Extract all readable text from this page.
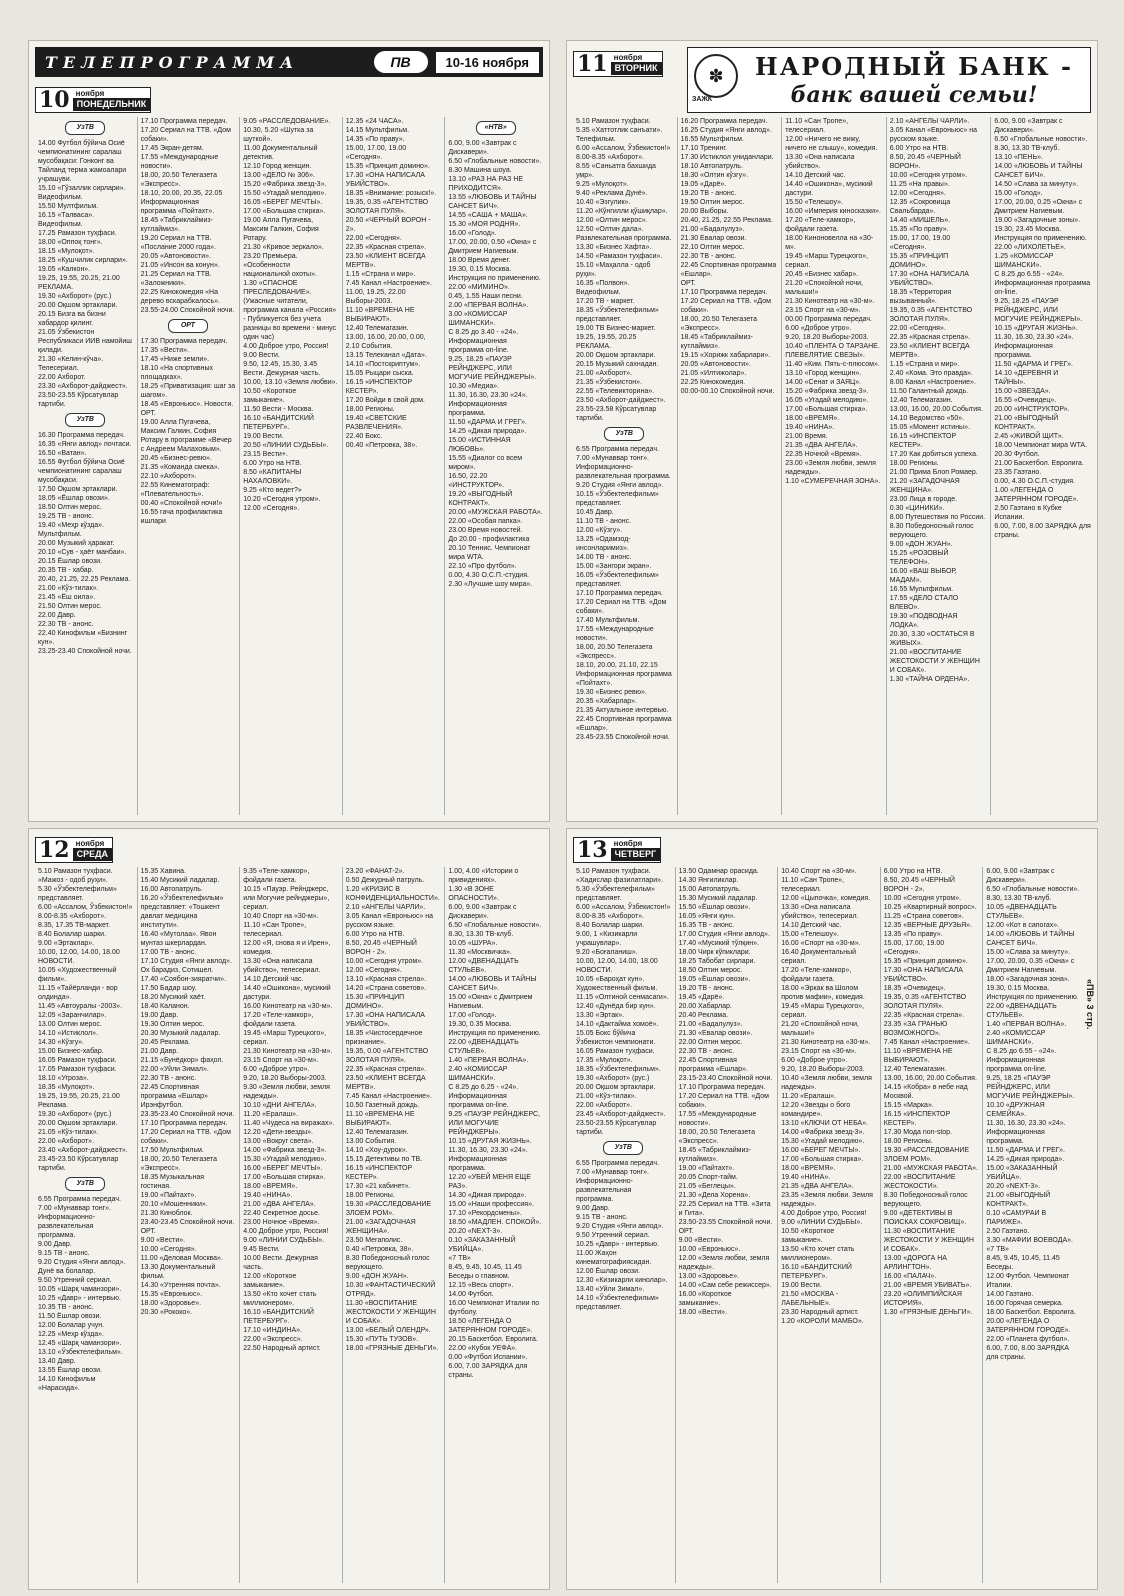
ТЕЛЕПРОГРАММА	ПВ	10-16 ноября
10 ноября
ПОНЕДЕЛЬНИК
УзТВ
14.00 Футбол бўйича Осиё чемпионатининг саралаш мусобақаси: Гонконг ва Тайланд терма жамоалари учрашуви.
15.10 «Гўзаллик сирлари». Видеофильм.
15.50 Мултфильм.
16.15 «Талваса». Видеофильм.
17.25 Рамазон туҳфаси.
18.00 «Оппоқ тонг».
18.15 «Мулоқот».
18.25 «Кушчилик сирлари».
19.05 «Калкон».
19.25, 19.55, 20.25, 21.00 РЕКЛАМА.
19.30 «Ахборот» (рус.)
20.00 Оқшом эртаклари.
20.15 Бизга ва бизни хабардор қилинг.
21.05 Ўзбекистон Республикаси ИИВ намойиш қилади.
21.30 «Келин-кўча». Телесериал.
22.00 Ахборот.
23.30 «Ахборот-дайджест».
23.50-23.55 Кўрсатувлар тартиби.
УзТВ
16.30 Программа передач.
16.35 «Янги авлод» почтаси.
16.50 «Ватан».
16.55 Футбол бўйича Осиё чемпионатининг саралаш мусобақаси.
17.50 Оқшом эртаклари.
18.05 «Ёшлар овози».
18.50 Олтин мерос.
19.25 ТВ - анонс.
19.40 «Меҳр кўзда». Мультфильм.
20.00 Музыкий ҳаракат.
20.10 «Сув - ҳаёт манбаи».
20.15 Ёшлар овози.
20.35 ТВ - хабар.
20.40, 21.25, 22.25 Реклама.
21.00 «Кўз-тилак».
21.45 «Ёш оила».
21.50 Олтин мерос.
22.00 Давр.
22.30 ТВ - анонс.
22.40 Кинофильм «Бизнинг кун».
23.25-23.40 Спокойной ночи.
17.10 Программа передач.
17.20 Сериал на ТТВ. «Дом собаки».
17.45 Экран-детям.
17.55 «Международные новости».
18.00, 20.50 Телегазета «Экспресс».
18.10, 20.00, 20.35, 22.05 Информационная программа «Пойтахт».
18.45 «Табриклаймиз-кутлаймиз».
19.20 Сериал на ТТВ. «Послание 2000 года».
20.05 «Автоновости».
21.05 «Инсон ва конун».
21.25 Сериал на ТТВ. «Заложники».
22.25 Кинокомедия «На дерево вскарабкалось».
23.55-24.00 Спокойной ночи.
ОРТ
17.30 Программа передач.
17.35 «Вести».
17.45 «Ниже земли».
18.10 «На спортивных площадках».
18.25 «Приватизация: шаг за шагом».
18.45 «Евроньюс». Новости.
ОРТ.
19.00 Алла Пугачева, Максим Галкин, София Ротару в программе «Вечер с Андреем Малаховым».
20.45 «Бизнес-ревю».
21.35 «Команда смека».
22.10 «Ахборот».
22.55 Кинематограф: «Плевательность».
00.40 «Спокойной ночи!»
16.55 гача профилактика ишлари
9.05 «РАССЛЕДОВАНИЕ».
10.30, 5.20 «Шутка за шуткой».
11.00 Документальный детектив.
12.10 Город женщин.
13.00 «ДЕЛО № 306».
15.20 «Фабрика звезд-3».
15.50 «Угадай мелодию».
16.05 «БЕРЕГ МЕЧТЫ».
17.00 «Большая стирка».
19.00 Алла Пугачева, Максим Галкин, София Ротару.
21.30 «Кривое зеркало».
23.20 Премьера. «Особенности национальной охоты».
1.30 «СПАСНОЕ ПРЕСЛЕДОВАНИЕ».
(Ужасные читатели, программа канала «Россия» - Публикуется без учета разницы во времени - минус один час)
4.00 Доброе утро, Россия!
9.00 Вести.
9.50, 12.45, 15.30, 3.45 Вести. Дежурная часть.
10.00, 13.10 «Земля любви».
10.50 «Короткое замыкание».
11.50 Вести - Москва.
16.10 «БАНДИТСКИЙ ПЕТЕРБУРГ».
19.00 Вести.
20.50 «ЛИНИИ СУДЬБЫ».
23.15 Вести+.
6.00 Утро на НТВ.
8.50 «КАПИТАНЫ НАХАЛОВКИ».
9.25 «Кто ведет?»
10.20 «Сегодня утром».
12.00 «Сегодня».
12.35 «24 ЧАСА».
14.15 Мультфильм.
14.35 «По праву».
15.00, 17.00, 19.00 «Сегодня».
15.35 «Принцип домино».
17.30 «ОНА НАПИСАЛА УБИЙСТВО».
18.35 «Внимание: розыск!».
19.35, 0.35 «АГЕНТСТВО ЗОЛОТАЯ ПУЛЯ».
20.50 «ЧЕРНЫЙ ВОРОН - 2».
22.00 «Сегодня».
22.35 «Красная стрела».
23.50 «КЛИЕНТ ВСЕГДА МЕРТВ».
1.15 «Страна и мир».
7.45 Канал «Настроение».
11.00, 19.25, 22.00 Выборы-2003.
11.10 «ВРЕМЕНА НЕ ВЫБИРАЮТ».
12.40 Телемагазин.
13.00, 16.00, 20.00, 0.00, 2.10 События.
13.15 Телеканал «Дата».
14.10 «Постскриптум».
15.05 Рыцари сыска.
16.15 «ИНСПЕКТОР КЕСТЕР».
17.20 Войди в свой дом.
18.00 Регионы.
19.40 «СВЕТСКИЕ РАЗВЛЕЧЕНИЯ».
22.40 Бокс.
00.40 «Петровка, 38».
«НТВ»
6.00, 9.00 «Завтрак с Дискавери».
6.50 «Глобальные новости».
8.30 Машина шоуа.
13.10 «РАЗ НА РАЗ НЕ ПРИХОДИТСЯ».
13.55 «ЛЮБОВЬ И ТАЙНЫ САНСЕТ БИЧ».
14.55 «САША + МАША».
15.30 «МОЯ РОДНЯ».
16.00 «Голод».
17.00, 20.00, 0.50 «Окна» с Дмитрием Нагиевым.
18.00 Время денег.
19.30, 0.15 Москва. Инструкция по применению.
22.00 «МИМИНО».
0.45, 1.55 Наши песни.
2.00 «ПЕРВАЯ ВОЛНА».
3.00 «КОМИССАР ШИМАНСКИ».
С 8.25 до 3.40 - «24». Информационная программа on-line.
9.25, 18.25 «ПАУЗР РЕЙНДЖЕРС, ИЛИ МОГУЧИЕ РЕЙНДЖЕРЫ».
10.30 «Медиа».
11.30, 16.30, 23.30 «24». Информационная программа.
11.50 «ДАРМА И ГРЕГ».
14.25 «Дикая природа».
15.00 «ИСТИННАЯ ЛЮБОВЬ».
15.55 «Диалог со всем миром».
16.50, 22.20 «ИНСТРУКТОР».
19.20 «ВЫГОДНЫЙ КОНТРАКТ».
20.00 «МУЖСКАЯ РАБОТА».
22.00 «Особая папка».
23.00 Время новостей.
До 20.00 - профилактика
20.10 Теннис. Чемпионат мира WTA.
22.10 «Про футбол».
0.00, 4.30 О.С.П.-студия.
2.30 «Лучшие шоу мира».
11 ноября
ВТОРНИК	✽
ЗАЖК
НАРОДНЫЙ БАНК -
банк вашей семьи!
5.10 Рамазон туҳфаси.
5.35 «Хаттотлик санъати». Телефильм.
6.00 «Ассалом, Ўзбекистон!»
8.00-8.35 «Ахборот».
8.55 «Саньатга бахшида умр».
9.25 «Мулоқот».
9.40 «Реклама Дунё».
10.40 «Эзгулик».
11.20 «Кўнгилли қўшиқлар».
12.00 «Олтин мерос».
12.50 «Олтин дала». Развлекательная программа.
13.30 «Бизнес Хафта».
14.50 «Рамазон туҳфаси».
15.10 «Маҳалла - одоб руҳи».
16.35 «Полвон». Видеофильм.
17.20 ТВ - маркет.
18.35 «Ўзбектелефильм» представляет.
19.00 ТВ Бизнес-маркет.
19.25, 19.55, 20.25 РЕКЛАМА.
20.00 Оқшом эртаклари.
20.15 Музыкий сахнадан.
21.00 «Ахборот».
21.35 «Ўзбекистон».
22.55 «Телевикторина».
23.50 «Ахборот-дайджест».
23.55-23.58 Кўрсатувлар тартиби.
УзТВ
6.55 Программа передач.
7.00 «Мунаввар тонг». Информационно-развлекательная программа.
9.20 Студия «Янги авлод».
10.15 «Ўзбектелефильм» представляет.
10.45 Давр.
11.10 ТВ - анонс.
12.00 «Кўзгу».
13.25 «Одамзод-инсонларимиз».
14.00 ТВ - анонс.
15.00 «Зангори экран».
16.05 «Ўзбектелефильм» представляет.
17.10 Программа передач.
17.20 Сериал на ТТВ. «Дом собаки».
17.40 Мультфильм.
17.55 «Международные новости».
18.00, 20.50 Телегазета «Экспресс».
18.10, 20.00, 21.10, 22.15 Информационная программа «Пойтахт».
19.30 «Бизнес ревю».
20.35 «Хабарлар».
21.35 Актуальное интервью.
22.45 Спортивная программа «Ешлар».
23.45-23.55 Спокойной ночи.
16.20 Программа передач.
16.25 Студия «Янги авлод».
16.55 Мультфильм.
17.10 Тренинг.
17.30 Истиклол униданлари.
18.10 Автопатруль.
18.30 «Олтин кўзгу».
19.05 «Дарё».
19.20 ТВ - анонс.
19.50 Олтин мерос.
20.00 Выборы.
20.40, 21.25, 22.55 Реклама.
21.00 «Бадалулуз».
21.30 Евалар овози.
22.10 Олтин мерос.
22.30 ТВ - анонс.
22.45 Спортивная программа «Ешлар».
ОРТ.
17.10 Программа передач.
17.20 Сериал на ТТВ. «Дом собаки».
18.00, 20.50 Телегазета «Экспресс».
18.45 «Табриклаймиз-кутлаймиз».
19.15 «Хорижк хабарлари».
20.05 «Автоновости».
21.05 «Илтижолар».
22.25 Кинокомедия.
00.00-00.10 Спокойной ночи.
11.10 «Сан Тропе», телесериал.
12.00 «Ничего не вижу, ничего не слышу», комедия.
13.30 «Она написала убийство».
14.10 Детский час.
14.40 «Ошикона», мусикий дастури.
15.50 «Телешоу».
16.00 «Империя киносказки».
17.20 «Теле-хамкор», фойдали газета.
18.00 Киноновелла на «30-м».
19.45 «Марш Турецкого», сериал.
20.45 «Бизнес хабар».
21.20 «Спокойной ночи, малыши!»
21.30 Кинотеатр на «30-м».
23.15 Спорт на «30-м».
00.00 Программа передач.
6.00 «Доброе утро».
9.20, 18.20 Выборы-2003.
10.40 «ПЛЕНТА О ТАРЗАНЕ. ПЛЕВЕЛЯТИЕ СВЕЗЫ».
11.40 «Ким. Пять-с-плюсом».
13.10 «Город женщин».
14.00 «Сенат и ЗАЯЦ».
15.20 «Фабрика звезд-3».
16.05 «Угадай мелодию».
17.00 «Большая стирка».
18.00 «ВРЕМЯ».
19.40 «НИНА».
21.00 Время.
21.35 «ДВА АНГЕЛА».
22.35 Ночной «Время».
23.00 «Земля любви, земля надежды».
1.10 «СУМЕРЕЧНАЯ ЗОНА».
2.10 «АНГЕЛЫ ЧАРЛИ».
3.05 Канал «Евроньюс» на русском языке.
6.00 Утро на НТВ.
8.50, 20.45 «ЧЕРНЫЙ ВОРОН».
10.00 «Сегодня утром».
11.25 «На правы».
12.00 «Сегодня».
12.35 «Сокровища Свальбарда».
14.40 «МИШЕЛЬ».
15.35 «По праву».
15.00, 17.00, 19.00 «Сегодня».
15.35 «ПРИНЦИП ДОМИНО».
17.30 «ОНА НАПИСАЛА УБИЙСТВО».
18.35 «Территория вызыванный».
19.35, 0.35 «АГЕНТСТВО ЗОЛОТАЯ ПУЛЯ».
22.00 «Сегодня».
22.35 «Красная стрела».
23.50 «КЛИЕНТ ВСЕГДА МЕРТВ».
1.15 «Страна и мир».
2.40 «Кома. Это правда».
8.00 Канал «Настроение».
11.50 Галантный дождь.
12.40 Телемагазин.
13.00, 16.00, 20.00 События.
14.10 Ведомство «50».
15.05 «Момент истины».
16.15 «ИНСПЕКТОР КЕСТЕР».
17.20 Как добиться успеха.
18.00 Регионы.
21.00 Прима Блоп Ромаер.
21.20 «ЗАГАДОЧНАЯ ЖЕНЩИНА».
23.00 Лица в городе.
0.30 «ЦИНИКИ».
8.00 Путешествия по России.
8.30 Победоносный голос верующего.
9.00 «ДОН ЖУАН».
15.25 «РОЗОВЫЙ ТЕЛЕФОН».
16.00 «ВАШ ВЫБОР, МАДАМ».
16.55 Мультфильм.
17.55 «ДЕЛО СТАЛО ВЛЕВО».
19.30 «ПОДВОДНАЯ ЛОДКА».
20.30, 3.30 «ОСТАТЬСЯ В ЖИВЫХ».
21.00 «ВОСПИТАНИЕ ЖЕСТОКОСТИ У ЖЕНЩИН И СОБАК».
1.30 «ТАЙНА ОРДЕНА».
6.00, 9.00 «Завтрак с Дискавери».
6.50 «Глобальные новости».
8.30, 13.30 ТВ-клуб.
13.10 «ПЕНЬ».
14.00 «ЛЮБОВЬ И ТАЙНЫ САНСЕТ БИЧ».
14.50 «Слава за минуту».
15.00 «Голод».
17.00, 20.00, 0.25 «Окна» с Дмитрием Нагиевым.
19.00 «Загадочные зоны».
19.30, 23.45 Москва. Инструкция по применению.
22.00 «ЛИХОЛЕТЬЕ».
1.25 «КОМИССАР ШИМАНСКИ».
С 8.25 до 6.55 - «24». Информационная программа on-line.
9.25, 18.25 «ПАУЭР РЕЙНДЖЕРС, ИЛИ МОГУЧИЕ РЕЙНДЖЕРЫ».
10.15 «ДРУГАЯ ЖИЗНЬ».
11.30, 16.30, 23.30 «24». Информационная программа.
11.50 «ДАРМА И ГРЕГ».
14.10 «ДЕРЕВНЯ И ТАЙНЫ».
15.00 «ЗВЕЗДА».
16.55 «Очевидец».
20.00 «ИНСТРУКТОР».
21.00 «ВЫГОДНЫЙ КОНТРАКТ».
2.45 «ЖИВОЙ ЩИТ».
18.00 Чемпионат мира WTA.
20.30 Футбол.
21.00 Баскетбол. Евролига.
23.35 Гаэтано.
0.00, 4.30 О.С.П.-студия.
1.00 «ЛЕГЕНДА О ЗАТЕРЯННОМ ГОРОДЕ».
2.50 Гаэтано в Кубке Испании.
6.00, 7.00, 8.00 ЗАРЯДКА для страны.
12 ноября
СРЕДА
5.10 Рамазон туҳфаси. «Мажоз - одоб руҳи».
5.30 «Ўзбектелефильм» представляет.
6.00 «Ассалом, Ўзбекистон!»
8.00-8.35 «Ахборот».
8.35, 17.35 ТВ-маркет.
8.40 Болалар шарки.
9.00 «Эртаклар».
10.00, 12.00, 14.00, 18.00 НОВОСТИ.
10.05 «Художественный фильм».
11.15 «Тайёрланди - вор олдинда».
11.45 «Автоуралы -2003».
12.05 «Заранчилар».
13.00 Олтин мерос.
14.10 «Истиклол».
14.30 «Кўзгу».
15.00 Бизнес-хабар.
16.05 Рамазон туҳфаси.
17.05 Рамазон туҳфаси.
18.10 «Угроза».
18.35 «Мулоқот».
19.25, 19.55, 20.25, 21.00 Реклама.
19.30 «Ахборот» (рус.)
20.00 Оқшом эртаклари.
21.05 «Кўз-тилак».
22.00 «Ахборот».
23.40 «Ахборот-дайджест».
23.45-23.50 Кўрсатувлар тартиби.
УзТВ
6.55 Программа передач.
7.00 «Мунаввар тонг». Информационно-развлекательная программа.
9.00 Давр.
9.15 ТВ - анонс.
9.20 Студия «Янги авлод». Дунё ва болалар.
9.50 Утренний сериал.
10.05 «Шарқ чаманзори».
10.25 «Давр» - интервью.
10.35 ТВ - анонс.
11.50 Ёшлар овози.
12.00 Болалар учун.
12.25 «Меҳр кўзда».
12.45 «Шарқ чаманзори».
13.10 «Ўзбектелефильм».
13.40 Давр.
13.55 Ёшлар овози.
14.10 Кинофильм «Нарасида».
15.35 Хавина.
15.40 Мусикий ладалар.
16.00 Автопатруль.
16.20 «Ўзбектелефильм» представляет: «Тошкент давлат медицина институти».
16.40 «Мутолаа». Явон мунтаз шкерлардан.
17.00 ТВ - анонс.
17.10 Студия «Янги авлод». Ох барадиз, Сотишел.
17.40 «Соябон-зияратчи».
17.50 Бадар шоу.
18.20 Мусикий хаёт.
18.40 Каланон.
19.00 Давр.
19.30 Олтин мерос.
20.30 Музыкий ладалар.
20.45 Реклама.
21.00 Давр.
21.15 «Бунёдкор» фаҳол.
22.00 «Уйли Зимал».
22.30 ТВ - анонс.
22.45 Спортивная программа «Ешлар» Ирэнфутбол.
23.35-23.40 Спокойной ночи.
17.10 Программа передач.
17.20 Сериал на ТТВ. «Дом собаки».
17.50 Мультфильм.
18.00, 20.50 Телегазета «Экспресс».
18.35 Музыкальная гостиная.
19.00 «Пайтахт».
20.10 «Мошенники».
21.30 Киноблок.
23.40-23.45 Спокойной ночи.
ОРТ.
9.00 «Вести».
10.00 «Сегодня».
11.00 «Деловая Москва».
13.30 Документальный фильм.
14.30 «Утренняя почта».
15.35 «Евроньюс».
18.00 «Здоровье».
20.30 «Рококо».
9.35 «Теле-хамкор», фойдали газета.
10.15 «Пауэр. Рейнджерс, или Могучие рейнджеры», сериал.
10.40 Спорт на «30-м».
11.10 «Сан Тропе», телесериал.
12.00 «Я, снова я и Ирен», комедия.
13.30 «Она написала убийство», телесериал.
14.10 Детский час.
14.40 «Ошикона», мусикий дастури.
16.00 Кинотеатр на «30-м».
17.20 «Теле-хамкор», фойдали газета.
19.45 «Марш Турецкого», сериал.
21.30 Кинотеатр на «30-м».
23.15 Спорт на «30-м».
6.00 «Доброе утро».
9.20, 18.20 Выборы-2003.
9.30 «Земля любви, земля надежды».
10.10 «ДНИ АНГЕЛА».
11.20 «Ералаш».
11.40 «Чудеса на виражах».
12.20 «Дети-звезды».
13.00 «Вокруг света».
14.00 «Фабрика звезд-3».
15.30 «Угадай мелодию».
16.00 «БЕРЕГ МЕЧТЫ».
17.00 «Большая стирка».
18.00 «ВРЕМЯ».
19.40 «НИНА».
21.00 «ДВА АНГЕЛА».
22.40 Секретное досье.
23.00 Ночное «Время».
4.00 Доброе утро, Россия!
9.00 «ЛИНИИ СУДЬБЫ».
9.45 Вести.
10.00 Вести. Дежурная часть.
12.00 «Короткое замыкание».
13.50 «Кто хочет стать миллионером».
16.10 «БАНДИТСКИЙ ПЕТЕРБУРГ».
17.10 «ИНДИНА».
22.00 «Экспресс».
22.50 Народный артист.
23.20 «ФАНАТ-2».
0.50 Дежурный патруль.
1.20 «КРИЗИС В КОНФИДЕНЦИАЛЬНОСТИ».
2.10 «АНГЕЛЫ ЧАРЛИ».
3.05 Канал «Евроньюс» на русском языке.
6.00 Утро на НТВ.
8.50, 20.45 «ЧЕРНЫЙ ВОРОН - 2».
10.00 «Сегодня утром».
12.00 «Сегодня».
13.10 «Красная стрела».
14.20 «Страна советов».
15.30 «ПРИНЦИП ДОМИНО».
17.30 «ОНА НАПИСАЛА УБИЙСТВО».
18.35 «Чистосердечное признание».
19.35, 0.00 «АГЕНТСТВО ЗОЛОТАЯ ПУЛЯ».
22.35 «Красная стрела».
23.50 «КЛИЕНТ ВСЕГДА МЕРТВ».
7.45 Канал «Настроение».
10.50 Газетный дождь.
11.10 «ВРЕМЕНА НЕ ВЫБИРАЮТ».
12.40 Телемагазин.
13.00 События.
14.10 «Хоу-дурок».
15.15 Детективы по ТВ.
16.15 «ИНСПЕКТОР КЕСТЕР».
17.30 «21 кабинет».
18.00 Регионы.
19.30 «РАССЛЕДОВАНИЕ ЗЛОЕМ РОМ».
21.00 «ЗАГАДОЧНАЯ ЖЕНЩИНА».
23.50 Мегаполис.
0.40 «Петровка, 38».
8.30 Победоносный голос верующего.
9.00 «ДОН ЖУАН».
10.30 «ФАНТАСТИЧЕСКИЙ ОТРЯД».
11.30 «ВОСПИТАНИЕ ЖЕСТОКОСТИ У ЖЕНЩИН И СОБАК».
13.00 «БЕЛЫЙ ОЛЕНДР».
15.30 «ПУТЬ ТУЗОВ».
18.00 «ГРЯЗНЫЕ ДЕНЬГИ».
1.00, 4.00 «Истории о привидениях».
1.30 «В ЗОНЕ ОПАСНОСТИ».
6.00, 9.00 «Завтрак с Дискавери».
6.50 «Глобальные новости».
8.30, 13.30 ТВ-клуб.
10.05 «ШУРА».
11.30 «Москвичка».
12.00 «ДВЕНАДЦАТЬ СТУЛЬЕВ».
14.00 «ЛЮБОВЬ И ТАЙНЫ САНСЕТ БИЧ».
15.00 «Окна» с Дмитрием Нагиевым.
17.00 «Голод».
19.30, 0.35 Москва. Инструкция по применению.
22.00 «ДВЕНАДЦАТЬ СТУЛЬЕВ».
1.40 «ПЕРВАЯ ВОЛНА».
2.40 «КОМИССАР ШИМАНСКИ».
С 8.25 до 6.25 - «24». Информационная программа on-line.
9.25 «ПАУЭР РЕЙНДЖЕРС, ИЛИ МОГУЧИЕ РЕЙНДЖЕРЫ».
10.15 «ДРУГАЯ ЖИЗНЬ».
11.30, 16.30, 23.30 «24». Информационная программа.
12.20 «УБЕЙ МЕНЯ ЕЩЕ РАЗ».
14.30 «Дикая природа».
15.00 «Наши профессия».
17.10 «Рекордсмены».
18.50 «МАДЛЕН. СПОКОЙ».
20.20 «NEXT-3».
0.10 «ЗАКАЗАННЫЙ УБИЙЦА».
«7 ТВ»
8.45, 9.45, 10.45, 11.45 Беседы о главном.
12.15 «Весь спорт».
14.00 Футбол.
16.00 Чемпионат Италии по футболу.
18.50 «ЛЕГЕНДА О ЗАТЕРЯННОМ ГОРОДЕ».
20.15 Баскетбол. Евролига.
22.00 «Кубок УЕФА».
0.00 «Футбол Испании».
6.00, 7.00 ЗАРЯДКА для страны.
«ПВ» 3 стр.
13 ноября
ЧЕТВЕРГ
5.10 Рамазон туҳфаси. «Хадислар фазилатлари».
5.30 «Ўзбектелефильм» представляет.
6.00 «Ассалом, Ўзбекистон!»
8.00-8.35 «Ахборот».
8.40 Болалар шарки.
9.00, 1 «Кизикарли учрашувлар».
9.20 «Боғаланиш».
10.00, 12.00, 14.00, 18.00 НОВОСТИ.
10.05 «Бароҳат кун». Художественный фильм.
11.15 «Олтиной сенмасаги».
12.40 «Дунёда бир кун».
13.30 «Эртак».
14.10 «Дактайма хомоё».
15.05 Бокс бўйича Ўзбекистон чемпионати.
16.05 Рамазон туҳфаси.
17.35 «Мулоқот».
18.35 «Ўзбектелефильм».
19.30 «Ахборот» (рус.)
20.00 Оқшом эртаклари.
21.00 «Кўз-тилак».
22.00 «Ахборот».
23.45 «Ахборот-дайджест».
23.50-23.55 Кўрсатувлар тартиби.
УзТВ
6.55 Программа передач.
7.00 «Мунаввар тонг». Информационно-развлекательная программа.
9.00 Давр.
9.15 ТВ - анонс.
9.20 Студия «Янги авлод».
9.50 Утренний сериал.
10.25 «Давр» - интервью.
11.00 Жаҳон кинематографиясидан.
12.00 Ёшлар овози.
12.30 «Кизикарли кинолар».
13.40 «Уйли Зимал».
14.10 «Ўзбектелефильм» представляет.
13.50 Одамнар орасида.
14.30 Янгиликлар.
15.00 Автопатруль.
15.30 Мусикий ладалар.
15.50 «Ёшлар овози».
16.05 «Янги кун».
16.35 ТВ - анонс.
17.00 Студия «Янги авлод».
17.40 «Мусикий тўлқин».
18.00 Чирк кўпиклари.
18.25 Табобат сирлари.
18.50 Олтин мерос.
19.05 «Ёшлар овози».
19.20 ТВ - анонс.
19.45 «Дарё».
20.00 Хабарлар.
20.40 Реклама.
21.00 «Бадалулуз».
21.30 «Евалар овози».
22.00 Олтин мерос.
22.30 ТВ - анонс.
22.45 Спортивная программа «Ешлар».
23.15-23.40 Спокойной ночи.
17.10 Программа передач.
17.20 Сериал на ТТВ. «Дом собаки».
17.55 «Международные новости».
18.00, 20.50 Телегазета «Экспресс».
18.45 «Табриклаймиз-кутлаймиз».
19.00 «Пайтахт».
20.05 Спорт-тайм.
21.05 «Беглецы».
21.30 «Дела Хорена».
22.25 Сериал на ТТВ. «Зита и Гита».
23.50-23.55 Спокойной ночи.
ОРТ.
9.00 «Вести».
10.00 «Евроньюс».
12.00 «Земля любви, земля надежды».
13.00 «Здоровье».
14.00 «Сам себе режиссер».
16.00 «Короткое замыкание».
18.00 «Вести».
10.40 Спорт на «30-м».
11.10 «Сан Тропе», телесериал.
12.00 «Цыпочка», комедия.
13.30 «Она написала убийство», телесериал.
14.10 Детский час.
15.00 «Телешоу».
16.00 «Спорт на «30-м».
16.40 Документальный сериал.
17.20 «Теле-хамкор», фойдали газета.
18.00 «Эркак ва Шолом против мафии», комедия.
19.45 «Марш Турецкого», сериал.
21.20 «Спокойной ночи, малыши!»
21.30 Кинотеатр на «30-м».
23.15 Спорт на «30-м».
6.00 «Доброе утро».
9.20, 18.20 Выборы-2003.
10.40 «Земля любви, земля надежды».
11.20 «Ералаш».
12.20 «Звезды о бого командире».
13.10 «КЛЮЧИ ОТ НЕБА».
14.00 «Фабрика звезд-3».
15.30 «Угадай мелодию».
16.00 «БЕРЕГ МЕЧТЫ».
17.00 «Большая стирка».
18.00 «ВРЕМЯ».
19.40 «НИНА».
21.35 «ДВА АНГЕЛА».
23.35 «Земля любви. Земля надежды».
4.00 Доброе утро, Россия!
9.00 «ЛИНИИ СУДЬБЫ».
10.50 «Короткое замыкание».
13.50 «Кто хочет стать миллионером».
16.10 «БАНДИТСКИЙ ПЕТЕРБУРГ».
19.00 Вести.
21.50 «МОСКВА - ЛАБЕЛЬНЫЕ».
23.30 Народный артист.
1.20 «КОРОЛИ МАМБО».
6.00 Утро на НТВ.
8.50, 20.45 «ЧЕРНЫЙ ВОРОН - 2».
10.00 «Сегодня утром».
10.25 «Квартирный вопрос».
11.25 «Страна советов».
12.35 «ВЕРНЫЕ ДРУЗЬЯ».
13.35 «По праву».
15.00, 17.00, 19.00 «Сегодня».
15.35 «Принцип домино».
17.30 «ОНА НАПИСАЛА УБИЙСТВО».
18.35 «Очевидец».
19.35, 0.35 «АГЕНТСТВО ЗОЛОТАЯ ПУЛЯ».
22.35 «Красная стрела».
23.35 «ЗА ГРАНЬЮ ВОЗМОЖНОГО».
7.45 Канал «Настроение».
11.10 «ВРЕМЕНА НЕ ВЫБИРАЮТ».
12.40 Телемагазин.
13.00, 16.00, 20.00 События.
14.15 «Кобра» в небе над Москвой.
15.15 «Марка».
16.15 «ИНСПЕКТОР КЕСТЕР».
17.30 Мода non-stop.
18.00 Регионы.
19.30 «РАССЛЕДОВАНИЕ ЗЛОЕМ РОМ».
21.00 «МУЖСКАЯ РАБОТА».
22.00 «ВОСПИТАНИЕ ЖЕСТОКОСТИ».
8.30 Победоносный голос верующего.
9.00 «ДЕТЕКТИВЫ В ПОИСКАХ СОКРОВИЩ».
11.30 «ВОСПИТАНИЕ ЖЕСТОКОСТИ У ЖЕНЩИН И СОБАК».
13.00 «ДОРОГА НА АРЛИНГТОН».
16.00 «ПАЛАЧ».
21.00 «ВРЕМЯ УБИВАТЬ».
23.20 «ОЛИМПИЙСКАЯ ИСТОРИЯ».
1.30 «ГРЯЗНЫЕ ДЕНЬГИ».
6.00, 9.00 «Завтрак с Дискавери».
6.50 «Глобальные новости».
8.30, 13.30 ТВ-клуб.
10.05 «ДВЕНАДЦАТЬ СТУЛЬЕВ».
12.00 «Кот в сапогах».
14.00 «ЛЮБОВЬ И ТАЙНЫ САНСЕТ БИЧ».
15.00 «Слава за минуту».
17.00, 20.00, 0.35 «Окна» с Дмитрием Нагиевым.
18.00 «Загадочная зона».
19.30, 0.15 Москва. Инструкция по применению.
22.00 «ДВЕНАДЦАТЬ СТУЛЬЕВ».
1.40 «ПЕРВАЯ ВОЛНА».
2.40 «КОМИССАР ШИМАНСКИ».
С 8.25 до 6.55 - «24». Информационная программа on-line.
9.25, 18.25 «ПАУЭР РЕЙНДЖЕРС, ИЛИ МОГУЧИЕ РЕЙНДЖЕРЫ».
10.10 «ДРУЖНАЯ СЕМЕЙКА».
11.30, 16.30, 23.30 «24». Информационная программа.
11.50 «ДАРМА И ГРЕГ».
14.25 «Дикая природа».
15.00 «ЗАКАЗАННЫЙ УБИЙЦА».
20.20 «NEXT-3».
21.00 «ВЫГОДНЫЙ КОНТРАКТ».
0.10 «САМУРАИ В ПАРИЖЕ».
2.50 Гаэтано.
3.30 «МАФИИ ВОЕВОДА».
«7 ТВ»
8.45, 9.45, 10.45, 11.45 Беседы.
12.00 Футбол. Чемпионат Италии.
14.00 Гаэтано.
16.00 Горячая семерка.
18.00 Баскетбол. Евролига.
20.00 «ЛЕГЕНДА О ЗАТЕРЯННОМ ГОРОДЕ».
22.00 «Планета футбол».
6.00, 7.00, 8.00 ЗАРЯДКА для страны.
